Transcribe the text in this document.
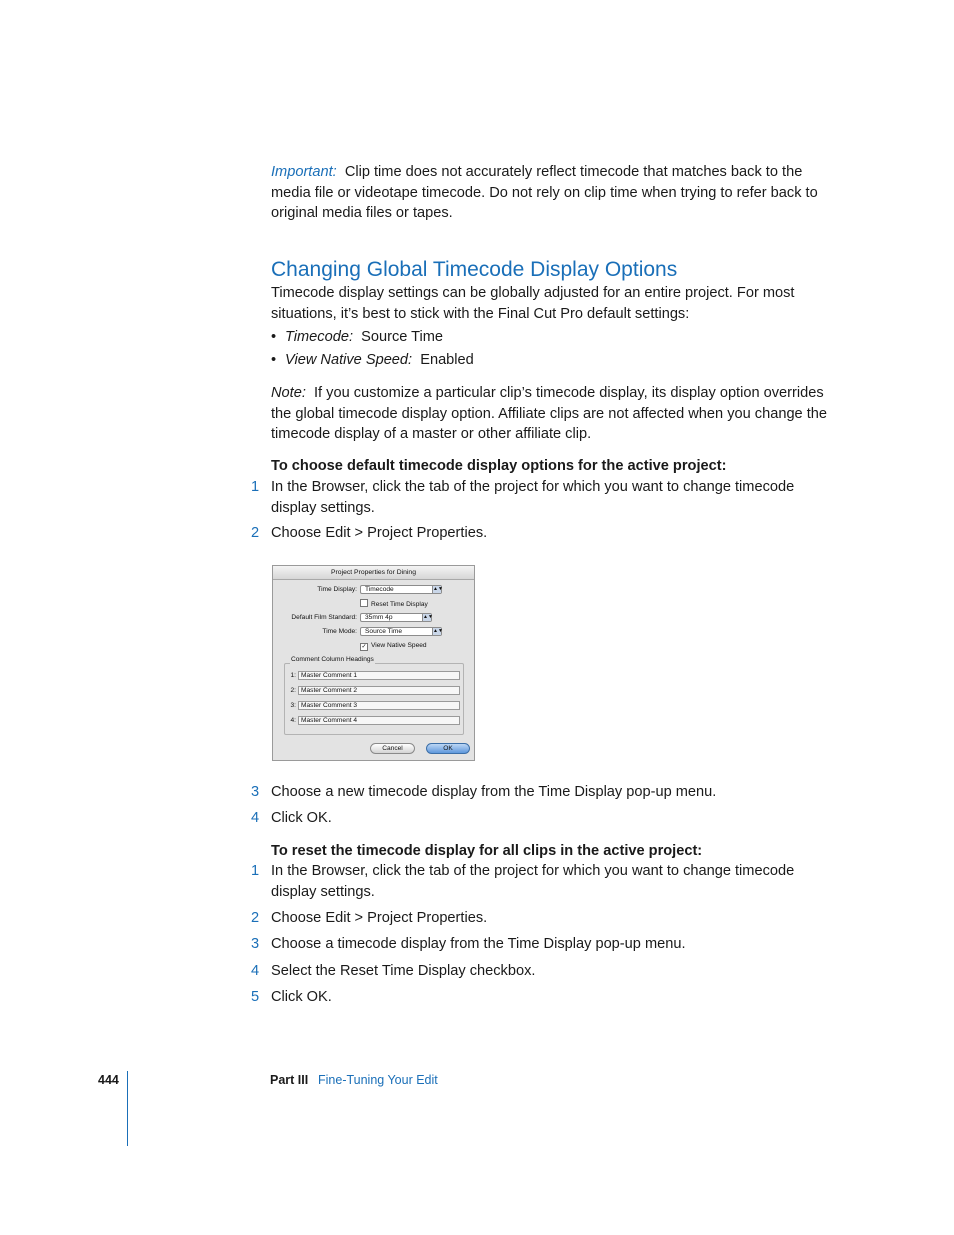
Important: Clip time does not accurately reflect timecode that matches back to the media file or videotape timecode. Do not rely on clip time when trying to refer back to original media files or tapes.

Changing Global Timecode Display Options

Timecode display settings can be globally adjusted for an entire project. For most situations, it’s best to stick with the Final Cut Pro default settings:

• Timecode: Source Time
• View Native Speed: Enabled

Note: If you customize a particular clip’s timecode display, its display option overrides the global timecode display option. Affiliate clips are not affected when you change the timecode display of a master or other affiliate clip.

To choose default timecode display options for the active project:
1 In the Browser, click the tab of the project for which you want to change timecode display settings.
2 Choose Edit > Project Properties.
Project Properties for Dining
Time Display:	Timecode	▲▼
Reset Time Display
Default Film Standard:	35mm 4p	▲▼
Time Mode:	Source Time	▲▼
✓ View Native Speed
Comment Column Headings
1: Master Comment 1
2: Master Comment 2
3: Master Comment 3
4: Master Comment 4
Cancel	OK
3 Choose a new timecode display from the Time Display pop-up menu.
4 Click OK.
To reset the timecode display for all clips in the active project:
1 In the Browser, click the tab of the project for which you want to change timecode display settings.
2 Choose Edit > Project Properties.
3 Choose a timecode display from the Time Display pop-up menu.
4 Select the Reset Time Display checkbox.
5 Click OK.
444	Part III Fine-Tuning Your Edit
